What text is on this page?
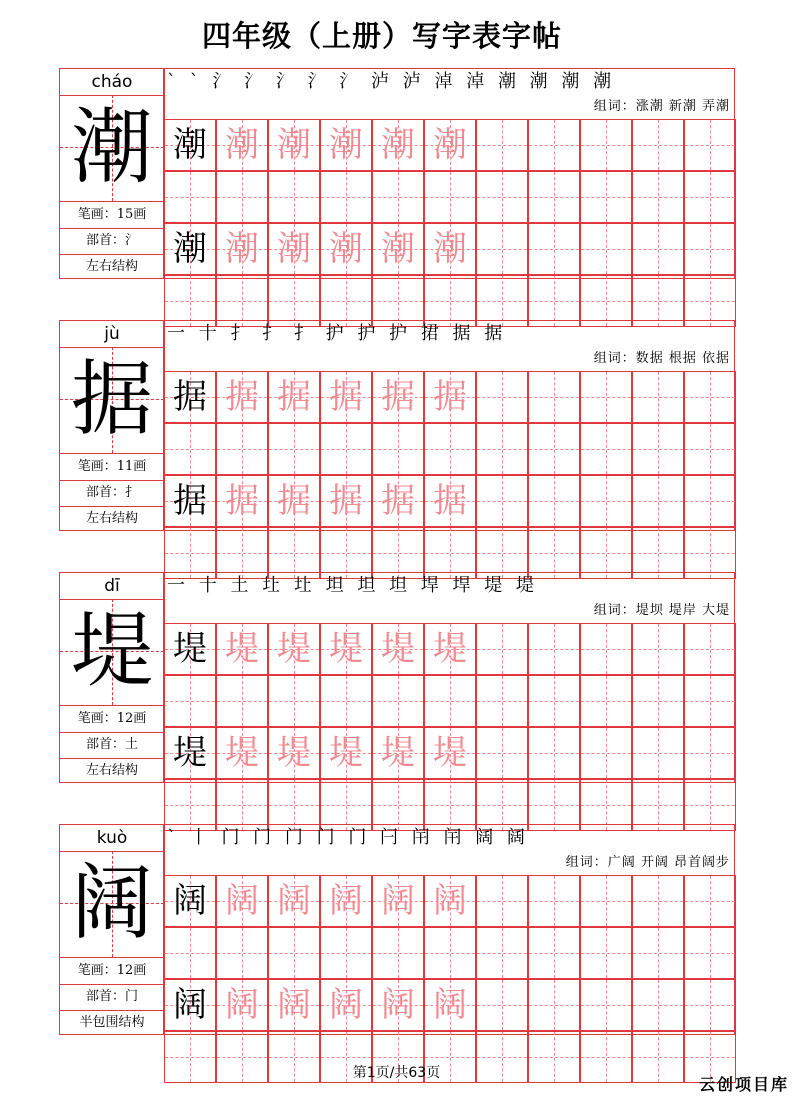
四年级（上册）写字表字帖
cháo
潮
笔画：15画
部首：氵
左右结构
` ` 氵 氵 氵 氵 氵 泸 泸 淖 淖 潮 潮 潮 潮
组词：涨潮 新潮 弄潮
潮 潮 潮 潮 潮 潮
潮 潮 潮 潮 潮 潮
jù
据
笔画：11画
部首：扌
左右结构
一 十 扌 扌 扌 护 护 护 捃 据 据
组词：数据 根据 依据
据 据 据 据 据 据
据 据 据 据 据 据
dī
堤
笔画：12画
部首：土
左右结构
一 十 土 圵 圵 坦 坦 坦 垾 垾 堤 堤
组词：堤坝 堤岸 大堤
堤 堤 堤 堤 堤 堤
堤 堤 堤 堤 堤 堤
kuò
阔
笔画：12画
部首：门
半包围结构
` 丨 门 门 门 门 门 闩 闬 闬 阔 阔
组词：广阔 开阔 昂首阔步
阔 阔 阔 阔 阔 阔
阔 阔 阔 阔 阔 阔
第1页/共63页
云创项目库
